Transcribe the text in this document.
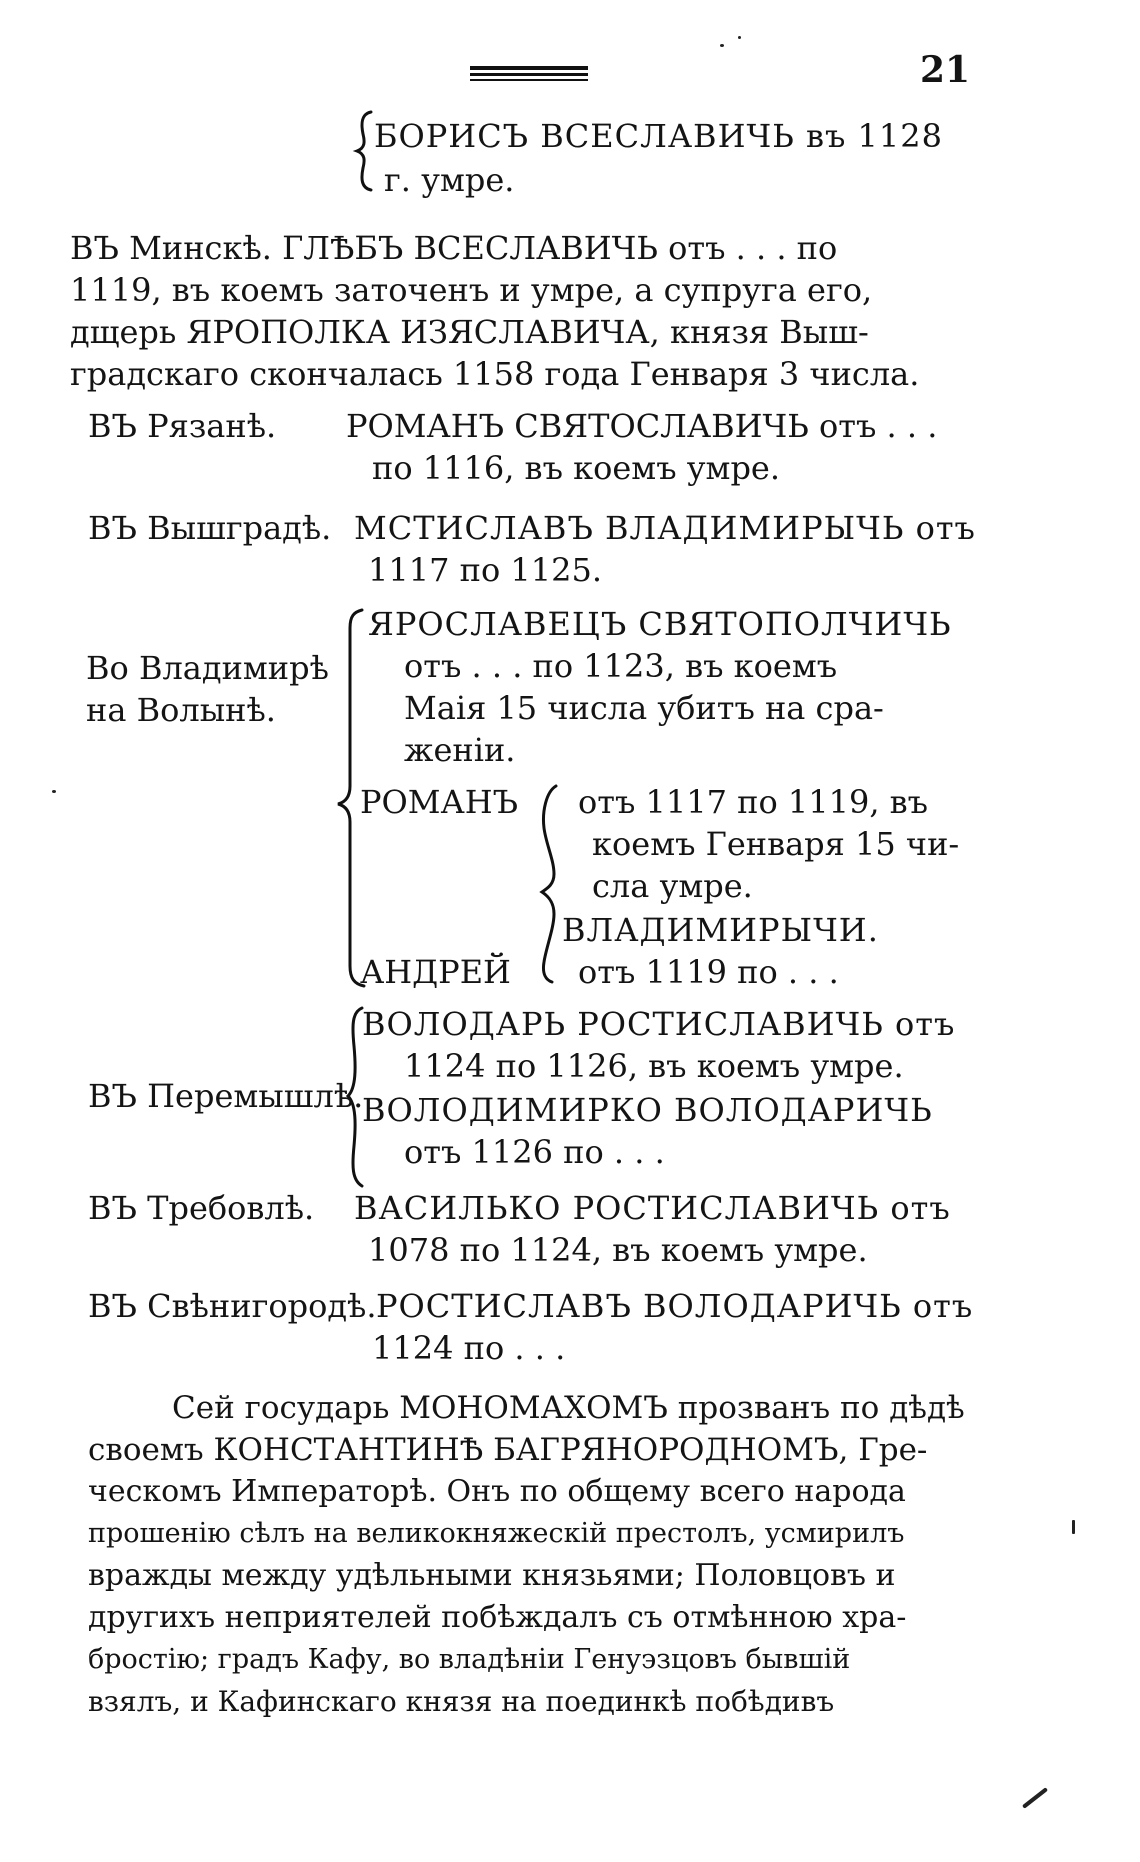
21
БОРИСЪ ВСЕСЛАВИЧЬ въ 1128
г. умре.
ВЪ Минскѣ. ГЛѢБЪ ВСЕСЛАВИЧЬ отъ . . . по
1119, въ коемъ заточенъ и умре, а супруга его,
дщерь ЯРОПОЛКА ИЗЯСЛАВИЧА, князя Выш-
градскаго скончалась 1158 года Генваря 3 числа.
ВЪ Рязанѣ. РОМАНЪ СВЯТОСЛАВИЧЬ отъ . . .
по 1116, въ коемъ умре.
ВЪ Вышградѣ. МСТИСЛАВЪ ВЛАДИМИРЫЧЬ отъ
1117 по 1125.
Во Владимирѣ
на Волынѣ.
ЯРОСЛАВЕЦЪ СВЯТОПОЛЧИЧЬ
отъ . . . по 1123, въ коемъ
Маія 15 числа убитъ на сра-
женіи.
РОМАНЪ отъ 1117 по 1119, въ
коемъ Генваря 15 чи-
сла умре.
ВЛАДИМИРЫЧИ.
АНДРЕЙ отъ 1119 по . . .
ВЪ Перемышлѣ.
ВОЛОДАРЬ РОСТИСЛАВИЧЬ отъ
1124 по 1126, въ коемъ умре.
ВОЛОДИМИРКО ВОЛОДАРИЧЬ
отъ 1126 по . . .
ВЪ Требовлѣ. ВАСИЛЬКО РОСТИСЛАВИЧЬ отъ
1078 по 1124, въ коемъ умре.
ВЪ Свѣнигородѣ. РОСТИСЛАВЪ ВОЛОДАРИЧЬ отъ
1124 по . . .
Сей государь МОНОМАХОМЪ прозванъ по дѣдѣ
своемъ КОНСТАНТИНѢ БАГРЯНОРОДНОМЪ, Гре-
ческомъ Императорѣ. Онъ по общему всего народа
прошенію сѣлъ на великокняжескій престолъ, усмирилъ
вражды между удѣльными князьями; Половцовъ и
другихъ неприятелей побѣждалъ съ отмѣнною хра-
бростію; градъ Кафу, во владѣніи Генуэзцовъ бывшій
взялъ, и Кафинскаго князя на поединкѣ побѣдивъ
